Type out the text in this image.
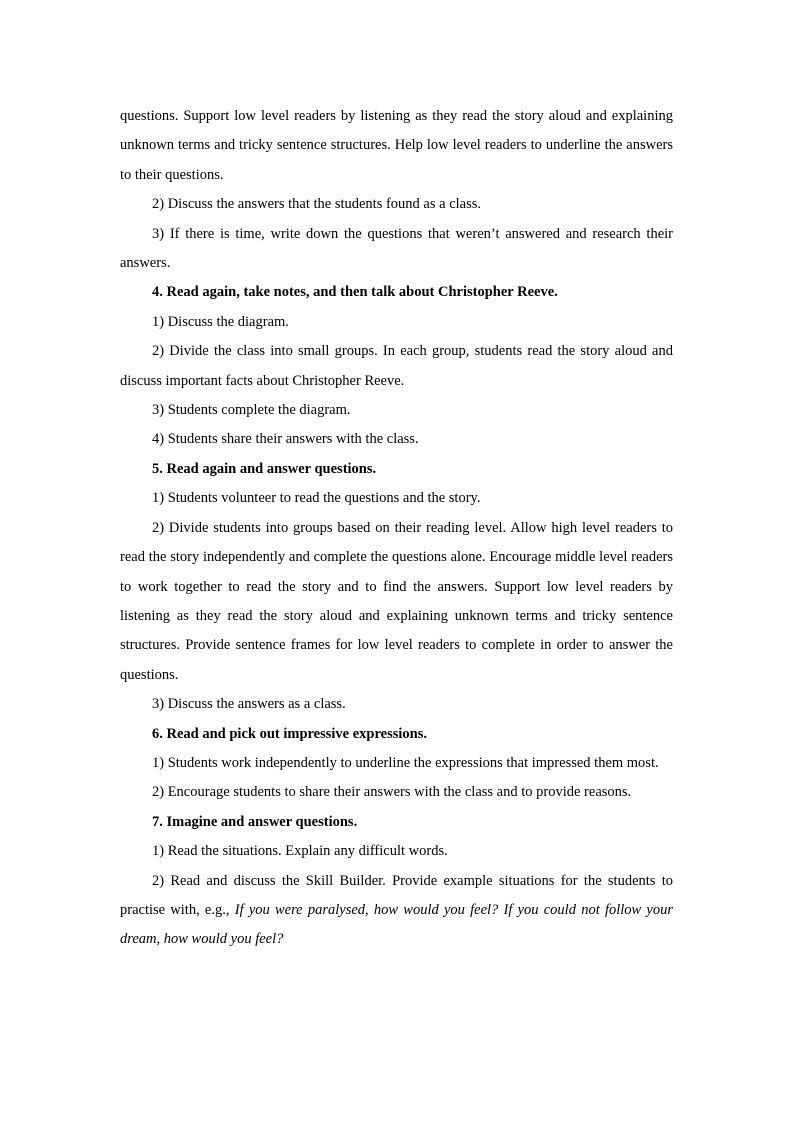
questions. Support low level readers by listening as they read the story aloud and explaining unknown terms and tricky sentence structures. Help low level readers to underline the answers to their questions.

2) Discuss the answers that the students found as a class.

3) If there is time, write down the questions that weren’t answered and research their answers.

4. Read again, take notes, and then talk about Christopher Reeve.

1) Discuss the diagram.

2) Divide the class into small groups. In each group, students read the story aloud and discuss important facts about Christopher Reeve.

3) Students complete the diagram.

4) Students share their answers with the class.

5. Read again and answer questions.

1) Students volunteer to read the questions and the story.

2) Divide students into groups based on their reading level. Allow high level readers to read the story independently and complete the questions alone. Encourage middle level readers to work together to read the story and to find the answers. Support low level readers by listening as they read the story aloud and explaining unknown terms and tricky sentence structures. Provide sentence frames for low level readers to complete in order to answer the questions.

3) Discuss the answers as a class.

6. Read and pick out impressive expressions.

1) Students work independently to underline the expressions that impressed them most.

2) Encourage students to share their answers with the class and to provide reasons.

7. Imagine and answer questions.

1) Read the situations. Explain any difficult words.

2) Read and discuss the Skill Builder. Provide example situations for the students to practise with, e.g., If you were paralysed, how would you feel? If you could not follow your dream, how would you feel?
